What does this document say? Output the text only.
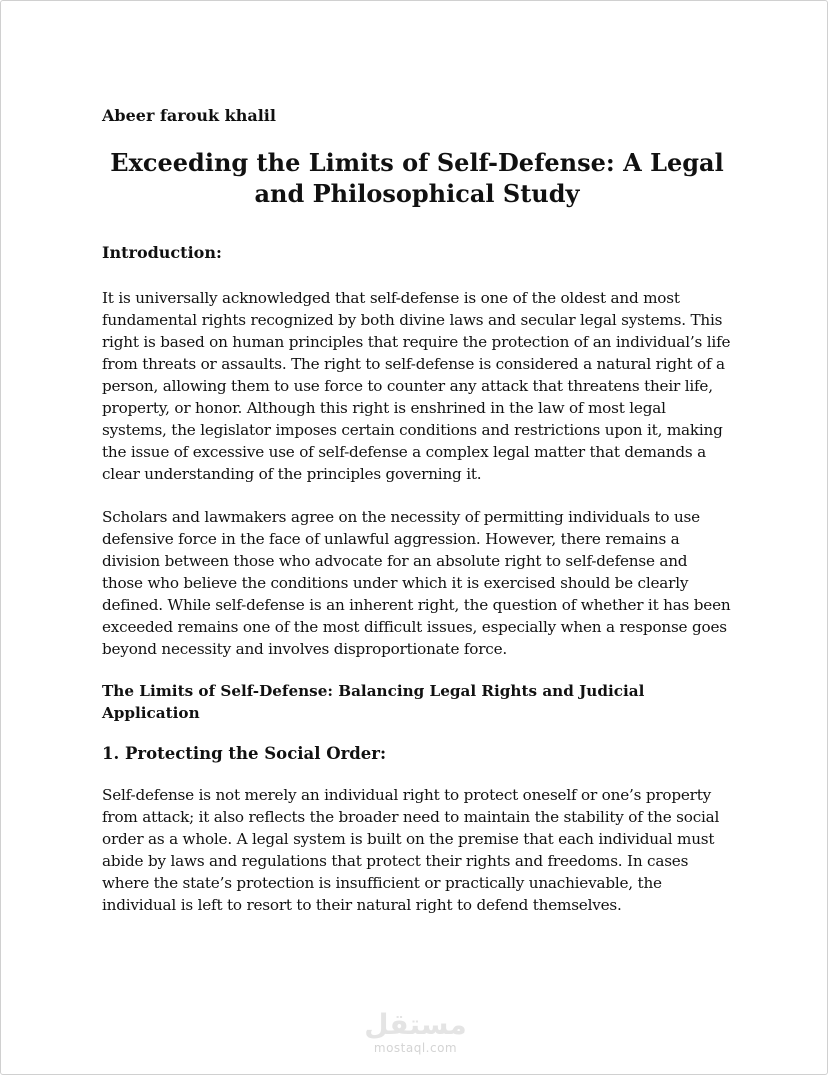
Abeer farouk khalil

Exceeding the Limits of Self-Defense: A Legal and Philosophical Study
Introduction:

It is universally acknowledged that self-defense is one of the oldest and most fundamental rights recognized by both divine laws and secular legal systems. This right is based on human principles that require the protection of an individual’s life from threats or assaults. The right to self-defense is considered a natural right of a person, allowing them to use force to counter any attack that threatens their life, property, or honor. Although this right is enshrined in the law of most legal systems, the legislator imposes certain conditions and restrictions upon it, making the issue of excessive use of self-defense a complex legal matter that demands a clear understanding of the principles governing it.

Scholars and lawmakers agree on the necessity of permitting individuals to use defensive force in the face of unlawful aggression. However, there remains a division between those who advocate for an absolute right to self-defense and those who believe the conditions under which it is exercised should be clearly defined. While self-defense is an inherent right, the question of whether it has been exceeded remains one of the most difficult issues, especially when a response goes beyond necessity and involves disproportionate force.

The Limits of Self-Defense: Balancing Legal Rights and Judicial Application
1. Protecting the Social Order:

Self-defense is not merely an individual right to protect oneself or one’s property from attack; it also reflects the broader need to maintain the stability of the social order as a whole. A legal system is built on the premise that each individual must abide by laws and regulations that protect their rights and freedoms. In cases where the state’s protection is insufficient or practically unachievable, the individual is left to resort to their natural right to defend themselves.

مستقل
mostaql.com
